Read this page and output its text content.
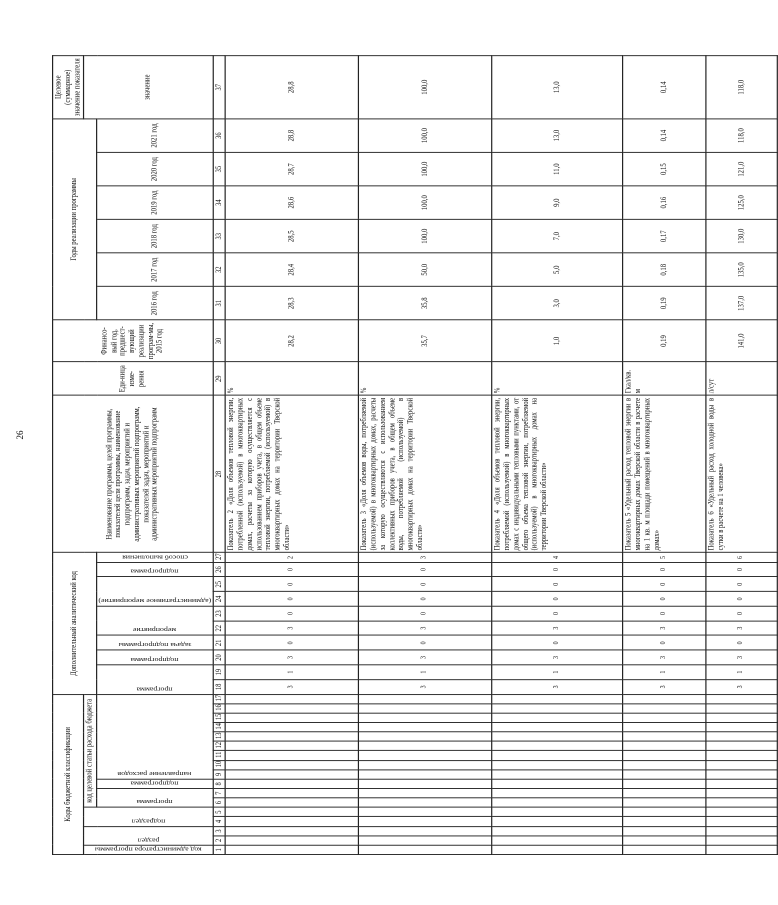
26
Коды бюджетной классификации																	Дополнительный аналитический код										Наименование программы, целей программы, показателей цели программы, наименование подпрограмм, задач, мероприятий и административных мероприятий подпрограмм, показателей задач, мероприятий и административных мероприятий подпрограмм	Еди-ница изме-рения	Финансо-вый год, предшест-вующий реализации програм-мы, 2015 год	Годы реализации программы						Целевое (суммарное) значение показателя

код администратора программы	раздел		подраздел		код целевой статьи расхода бюджета																															значение

					программа		подпрограмма	направление расходов									программа		подпрограмма	задача подпрограммы	мероприятие		(административное мероприятие)		подпрограмма	способ выполнения				2016 год	2017 год	2018 год	2019 год	2020 год	2021 год	
1	2	3	4	5	6	7	8	9	10	11	12	13	14	15	16	17	18	19	20	21	22	23	24	25	26	27	28	29	30	31	32	33	34	35	36	37
																	3	1	3	0	3	0	0	0	0	2	Показатель 2 «Доля объемов тепловой энергии, потребленной (используемой) в многоквартирных домах, расчеты за которую осуществляется с использованием приборов учета, в общем объеме тепловой энергии, потребляемой (используемой) в многоквартирных домах на территории Тверской области»	%	28,2	28,3	28,4	28,5	28,6	28,7	28,8	28,8
																	3	1	3	0	3	0	0	0	0	3	Показатель 3 «Доля объемов воды, потребляемой (используемой) в многоквартирных домах, расчеты за которую осуществляются с использованием коллективных приборов учета, в общем объеме воды, потребляемой (используемой) в многоквартирных домах на территории Тверской области»	%	35,7	35,8	50,0	100,0	100,0	100,0	100,0	100,0
																	3	1	3	0	3	0	0	0	0	4	Показатель 4 «Доля объемов тепловой энергии, потребляемой (используемой) в многоквартирных домах с индивидуальными тепловыми пунктами, от общего объема тепловой энергии, потребляемой (используемой) в многоквартирных домах на территории Тверской области»	%	1,0	3,0	5,0	7,0	9,0	11,0	13,0	13,0
																	3	1	3	0	3	0	0	0	0	5	Показатель 5 «Удельный расход тепловой энергии в многоквартирных домах Тверской области в расчете на 1 кв. м площади помещений в многоквартирных домах»	Гкал/кв. м	0,19	0,19	0,18	0,17	0,16	0,15	0,14	0,14
																	3	1	3	0	3	0	0	0	0	6	Показатель 6 «Удельный расход холодной воды в сутки в расчете на 1 человека»	л/сут	141,0	137,0	135,0	130,0	125,0	121,0	118,0	118,0
